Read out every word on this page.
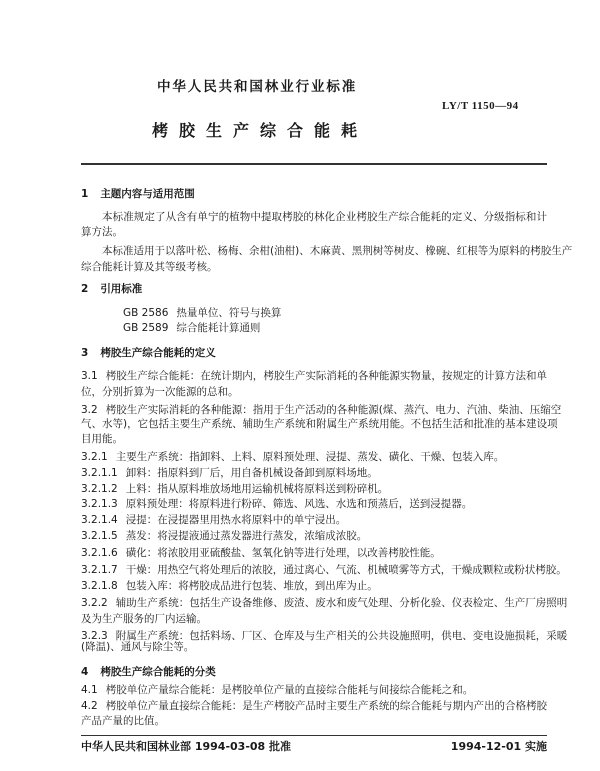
中华人民共和国林业行业标准
LY/T 1150—94
栲胶生产综合能耗
1 主题内容与适用范围
本标准规定了从含有单宁的植物中提取栲胶的林化企业栲胶生产综合能耗的定义、分级指标和计
算方法。
本标准适用于以落叶松、杨梅、余柑(油柑)、木麻黄、黑荆树等树皮、橡碗、红根等为原料的栲胶生产
综合能耗计算及其等级考核。
2 引用标准
GB 2586 热量单位、符号与换算
GB 2589 综合能耗计算通则
3 栲胶生产综合能耗的定义
3.1 栲胶生产综合能耗：在统计期内，栲胶生产实际消耗的各种能源实物量，按规定的计算方法和单
位，分别折算为一次能源的总和。
3.2 栲胶生产实际消耗的各种能源：指用于生产活动的各种能源(煤、蒸汽、电力、汽油、柴油、压缩空
气、水等)，它包括主要生产系统、辅助生产系统和附属生产系统用能。不包括生活和批准的基本建设项
目用能。
3.2.1 主要生产系统：指卸料、上料、原料预处理、浸提、蒸发、磺化、干燥、包装入库。
3.2.1.1 卸料：指原料到厂后，用自备机械设备卸到原料场地。
3.2.1.2 上料：指从原料堆放场地用运输机械将原料送到粉碎机。
3.2.1.3 原料预处理：将原料进行粉碎、筛选、风选、水选和预蒸后，送到浸提器。
3.2.1.4 浸提：在浸提器里用热水将原料中的单宁浸出。
3.2.1.5 蒸发：将浸提液通过蒸发器进行蒸发，浓缩成浓胶。
3.2.1.6 磺化：将浓胶用亚硫酸盐、氢氧化钠等进行处理，以改善栲胶性能。
3.2.1.7 干燥：用热空气将处理后的浓胶，通过离心、气流、机械喷雾等方式，干燥成颗粒或粉状栲胶。
3.2.1.8 包装入库：将栲胶成品进行包装、堆放，到出库为止。
3.2.2 辅助生产系统：包括生产设备维修、废渣、废水和废气处理、分析化验、仪表检定、生产厂房照明
及为生产服务的厂内运输。
3.2.3 附属生产系统：包括料场、厂区、仓库及与生产相关的公共设施照明，供电、变电设施损耗，采暖
(降温)、通风与除尘等。
4 栲胶生产综合能耗的分类
4.1 栲胶单位产量综合能耗：是栲胶单位产量的直接综合能耗与间接综合能耗之和。
4.2 栲胶单位产量直接综合能耗：是生产栲胶产品时主要生产系统的综合能耗与期内产出的合格栲胶
产品产量的比值。
中华人民共和国林业部 1994-03-08 批准	1994-12-01 实施
